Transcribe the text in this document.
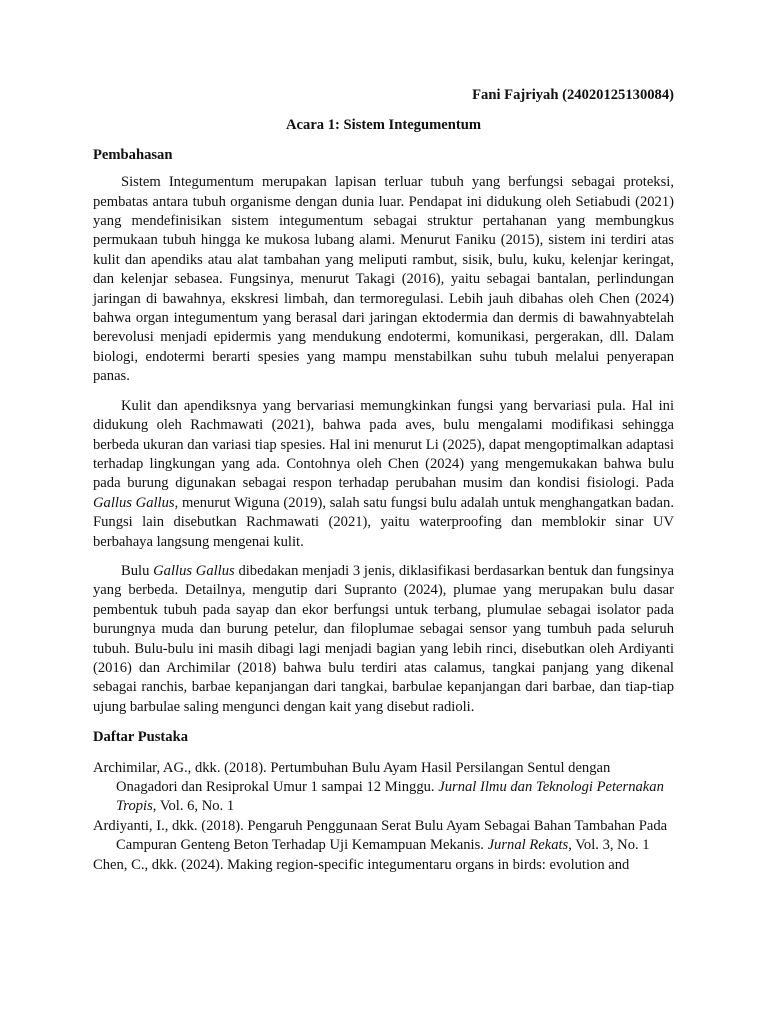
Fani Fajriyah (24020125130084)

Acara 1: Sistem Integumentum

Pembahasan

Sistem Integumentum merupakan lapisan terluar tubuh yang berfungsi sebagai proteksi, pembatas antara tubuh organisme dengan dunia luar. Pendapat ini didukung oleh Setiabudi (2021) yang mendefinisikan sistem integumentum sebagai struktur pertahanan yang membungkus permukaan tubuh hingga ke mukosa lubang alami. Menurut Faniku (2015), sistem ini terdiri atas kulit dan apendiks atau alat tambahan yang meliputi rambut, sisik, bulu, kuku, kelenjar keringat, dan kelenjar sebasea. Fungsinya, menurut Takagi (2016), yaitu sebagai bantalan, perlindungan jaringan di bawahnya, ekskresi limbah, dan termoregulasi. Lebih jauh dibahas oleh Chen (2024) bahwa organ integumentum yang berasal dari jaringan ektodermia dan dermis di bawahnyabtelah berevolusi menjadi epidermis yang mendukung endotermi, komunikasi, pergerakan, dll. Dalam biologi, endotermi berarti spesies yang mampu menstabilkan suhu tubuh melalui penyerapan panas.

Kulit dan apendiksnya yang bervariasi memungkinkan fungsi yang bervariasi pula. Hal ini didukung oleh Rachmawati (2021), bahwa pada aves, bulu mengalami modifikasi sehingga berbeda ukuran dan variasi tiap spesies. Hal ini menurut Li (2025), dapat mengoptimalkan adaptasi terhadap lingkungan yang ada. Contohnya oleh Chen (2024) yang mengemukakan bahwa bulu pada burung digunakan sebagai respon terhadap perubahan musim dan kondisi fisiologi. Pada Gallus Gallus, menurut Wiguna (2019), salah satu fungsi bulu adalah untuk menghangatkan badan. Fungsi lain disebutkan Rachmawati (2021), yaitu waterproofing dan memblokir sinar UV berbahaya langsung mengenai kulit.

Bulu Gallus Gallus dibedakan menjadi 3 jenis, diklasifikasi berdasarkan bentuk dan fungsinya yang berbeda. Detailnya, mengutip dari Supranto (2024), plumae yang merupakan bulu dasar pembentuk tubuh pada sayap dan ekor berfungsi untuk terbang, plumulae sebagai isolator pada burungnya muda dan burung petelur, dan filoplumae sebagai sensor yang tumbuh pada seluruh tubuh. Bulu-bulu ini masih dibagi lagi menjadi bagian yang lebih rinci, disebutkan oleh Ardiyanti (2016) dan Archimilar (2018) bahwa bulu terdiri atas calamus, tangkai panjang yang dikenal sebagai ranchis, barbae kepanjangan dari tangkai, barbulae kepanjangan dari barbae, dan tiap-tiap ujung barbulae saling mengunci dengan kait yang disebut radioli.

Daftar Pustaka

Archimilar, AG., dkk. (2018). Pertumbuhan Bulu Ayam Hasil Persilangan Sentul dengan Onagadori dan Resiprokal Umur 1 sampai 12 Minggu. Jurnal Ilmu dan Teknologi Peternakan Tropis, Vol. 6, No. 1

Ardiyanti, I., dkk. (2018). Pengaruh Penggunaan Serat Bulu Ayam Sebagai Bahan Tambahan Pada Campuran Genteng Beton Terhadap Uji Kemampuan Mekanis. Jurnal Rekats, Vol. 3, No. 1

Chen, C., dkk. (2024). Making region-specific integumentaru organs in birds: evolution and
